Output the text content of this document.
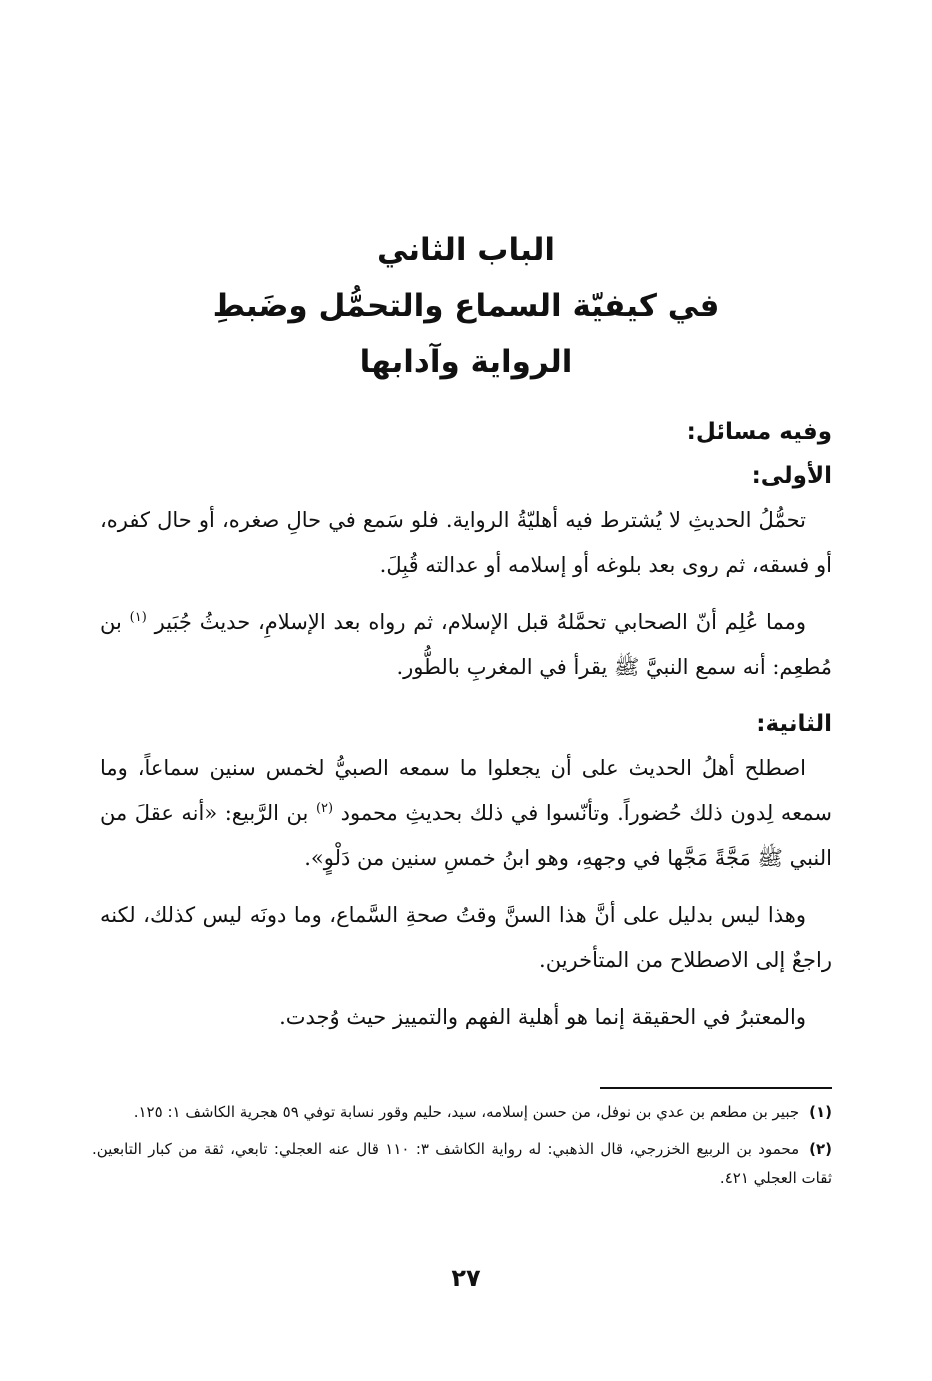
الباب الثاني
في كيفيّة السماع والتحمُّل وضَبطِ
الرواية وآدابها
وفيه مسائل:
الأولى:

تحمُّلُ الحديثِ لا يُشترط فيه أهليّةُ الرواية. فلو سَمع في حالِ صغره، أو حال كفره، أو فسقه، ثم روى بعد بلوغه أو إسلامه أو عدالته قُبِلَ.

ومما عُلِم أنّ الصحابي تحمَّلهُ قبل الإسلام، ثم رواه بعد الإسلامِ، حديثُ جُبَير $^{(١)}$ بن مُطعِم: أنه سمع النبيَّ ﷺ يقرأ في المغربِ بالطُّور.

الثانية:

اصطلح أهلُ الحديث على أن يجعلوا ما سمعه الصبيُّ لخمس سنين سماعاً، وما سمعه لِدون ذلك حُضوراً. وتأنّسوا في ذلك بحديثِ محمود $^{(٢)}$ بن الرَّبيع: «أنه عقلَ من النبي ﷺ مَجَّةً مَجَّها في وجههِ، وهو ابنُ خمسِ سنين من دَلْوٍ».

وهذا ليس بدليل على أنَّ هذا السنَّ وقتُ صحةِ السَّماع، وما دونَه ليس كذلك، لكنه راجعٌ إلى الاصطلاح من المتأخرين.

والمعتبرُ في الحقيقة إنما هو أهلية الفهم والتمييز حيث وُجدت.

(١)جبير بن مطعم بن عدي بن نوفل، من حسن إسلامه، سيد، حليم وقور نسابة توفي ٥٩ هجرية الكاشف ١: ١٢٥.
(٢)محمود بن الربيع الخزرجي، قال الذهبي: له رواية الكاشف ٣: ١١٠ قال عنه العجلي: تابعي، ثقة من كبار التابعين. ثقات العجلي ٤٢١.
٢٧
